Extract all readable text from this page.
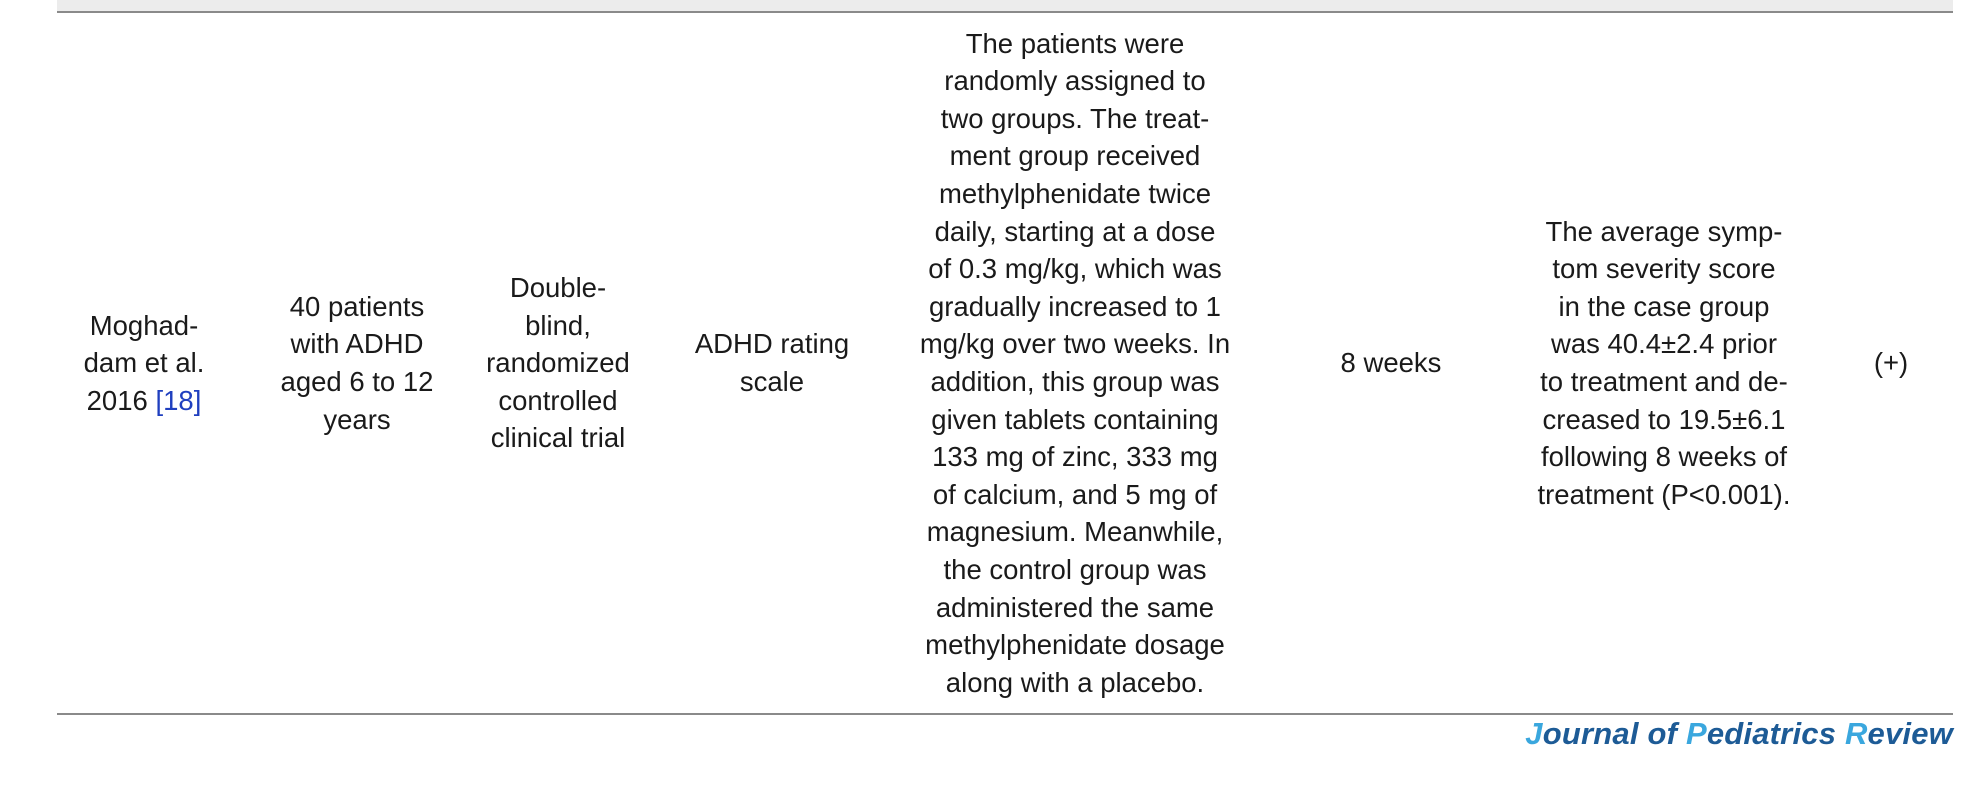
Moghad-
dam et al.
2016 [18]
40 patients
with ADHD
aged 6 to 12
years
Double-
blind,
randomized
controlled
clinical trial
ADHD rating
scale
The patients were
randomly assigned to
two groups. The treat-
ment group received
methylphenidate twice
daily, starting at a dose
of 0.3 mg/kg, which was
gradually increased to 1
mg/kg over two weeks. In
addition, this group was
given tablets containing
133 mg of zinc, 333 mg
of calcium, and 5 mg of
magnesium. Meanwhile,
the control group was
administered the same
methylphenidate dosage
along with a placebo.
8 weeks
The average symp-
tom severity score
in the case group
was 40.4±2.4 prior
to treatment and de-
creased to 19.5±6.1
following 8 weeks of
treatment (P<0.001).
(+)
Journal of Pediatrics Review
